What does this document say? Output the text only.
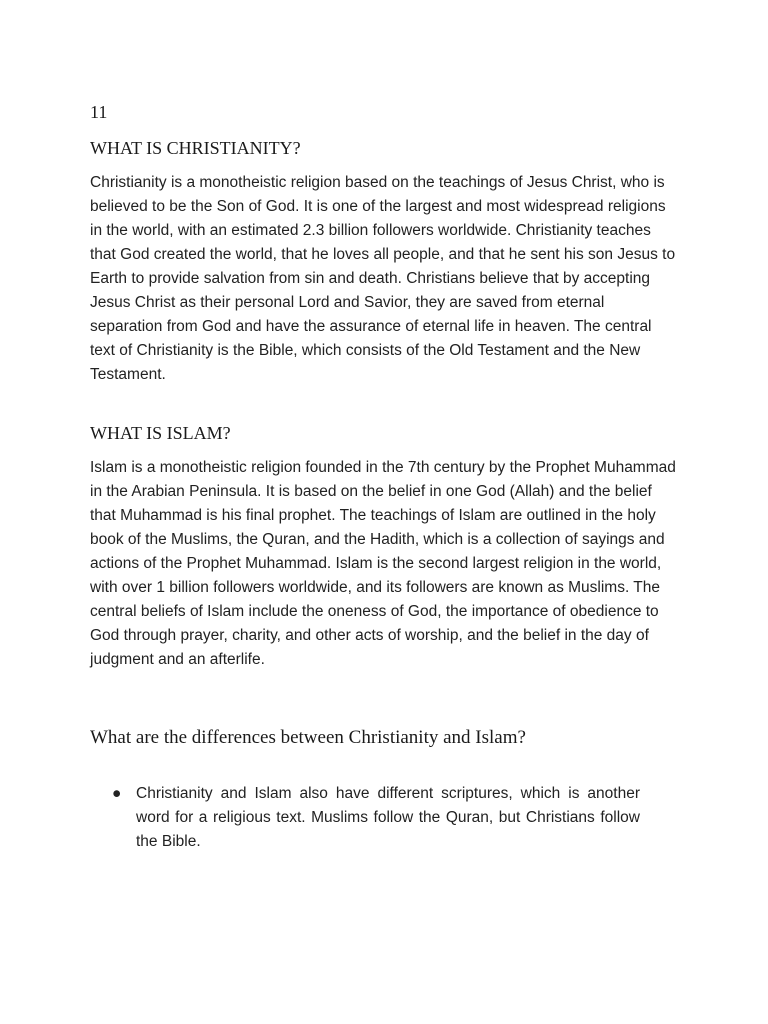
11

WHAT IS CHRISTIANITY?

Christianity is a monotheistic religion based on the teachings of Jesus Christ, who is believed to be the Son of God. It is one of the largest and most widespread religions in the world, with an estimated 2.3 billion followers worldwide. Christianity teaches that God created the world, that he loves all people, and that he sent his son Jesus to Earth to provide salvation from sin and death. Christians believe that by accepting Jesus Christ as their personal Lord and Savior, they are saved from eternal separation from God and have the assurance of eternal life in heaven. The central text of Christianity is the Bible, which consists of the Old Testament and the New Testament.

WHAT IS ISLAM?

Islam is a monotheistic religion founded in the 7th century by the Prophet Muhammad in the Arabian Peninsula. It is based on the belief in one God (Allah) and the belief that Muhammad is his final prophet. The teachings of Islam are outlined in the holy book of the Muslims, the Quran, and the Hadith, which is a collection of sayings and actions of the Prophet Muhammad. Islam is the second largest religion in the world, with over 1 billion followers worldwide, and its followers are known as Muslims. The central beliefs of Islam include the oneness of God, the importance of obedience to God through prayer, charity, and other acts of worship, and the belief in the day of judgment and an afterlife.

What are the differences between Christianity and Islam?
● Christianity and Islam also have different scriptures, which is another word for a religious text. Muslims follow the Quran, but Christians follow the Bible.
